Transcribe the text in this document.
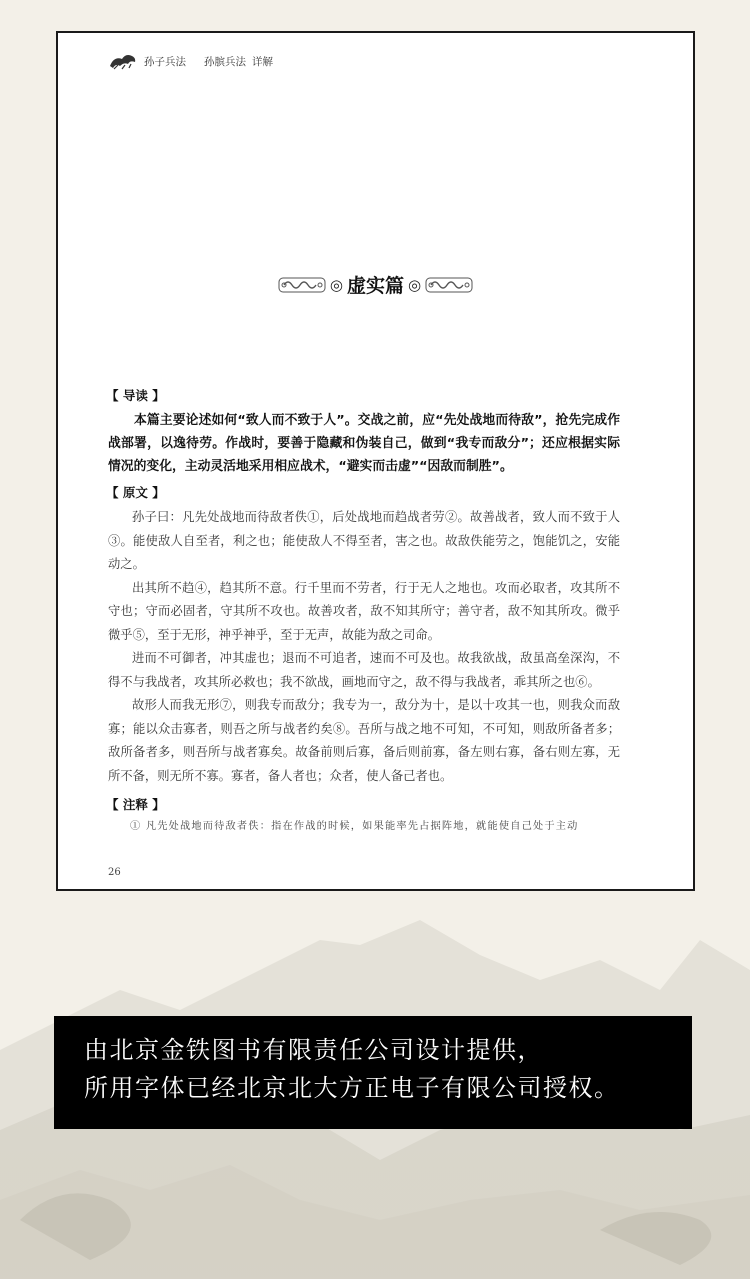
孙子兵法 孙膑兵法 详解
◎ 虚实篇 ◎
【 导读 】

本篇主要论述如何“致人而不致于人”。交战之前，应“先处战地而待敌”，抢先完成作战部署，以逸待劳。作战时，要善于隐藏和伪装自己，做到“我专而敌分”；还应根据实际情况的变化，主动灵活地采用相应战术，“避实而击虚”“因敌而制胜”。

【 原文 】

孙子曰：凡先处战地而待敌者佚①，后处战地而趋战者劳②。故善战者，致人而不致于人③。能使敌人自至者，利之也；能使敌人不得至者，害之也。故敌佚能劳之，饱能饥之，安能动之。

出其所不趋④，趋其所不意。行千里而不劳者，行于无人之地也。攻而必取者，攻其所不守也；守而必固者，守其所不攻也。故善攻者，敌不知其所守；善守者，敌不知其所攻。微乎微乎⑤，至于无形，神乎神乎，至于无声，故能为敌之司命。

进而不可御者，冲其虚也；退而不可追者，速而不可及也。故我欲战，敌虽高垒深沟，不得不与我战者，攻其所必救也；我不欲战，画地而守之，敌不得与我战者，乖其所之也⑥。

故形人而我无形⑦，则我专而敌分；我专为一，敌分为十，是以十攻其一也，则我众而敌寡；能以众击寡者，则吾之所与战者约矣⑧。吾所与战之地不可知，不可知，则敌所备者多；敌所备者多，则吾所与战者寡矣。故备前则后寡，备后则前寡，备左则右寡，备右则左寡，无所不备，则无所不寡。寡者，备人者也；众者，使人备己者也。

【 注释 】

① 凡先处战地而待敌者佚：指在作战的时候，如果能率先占据阵地，就能使自己处于主动

26
由北京金铁图书有限责任公司设计提供，
所用字体已经北京北大方正电子有限公司授权。
